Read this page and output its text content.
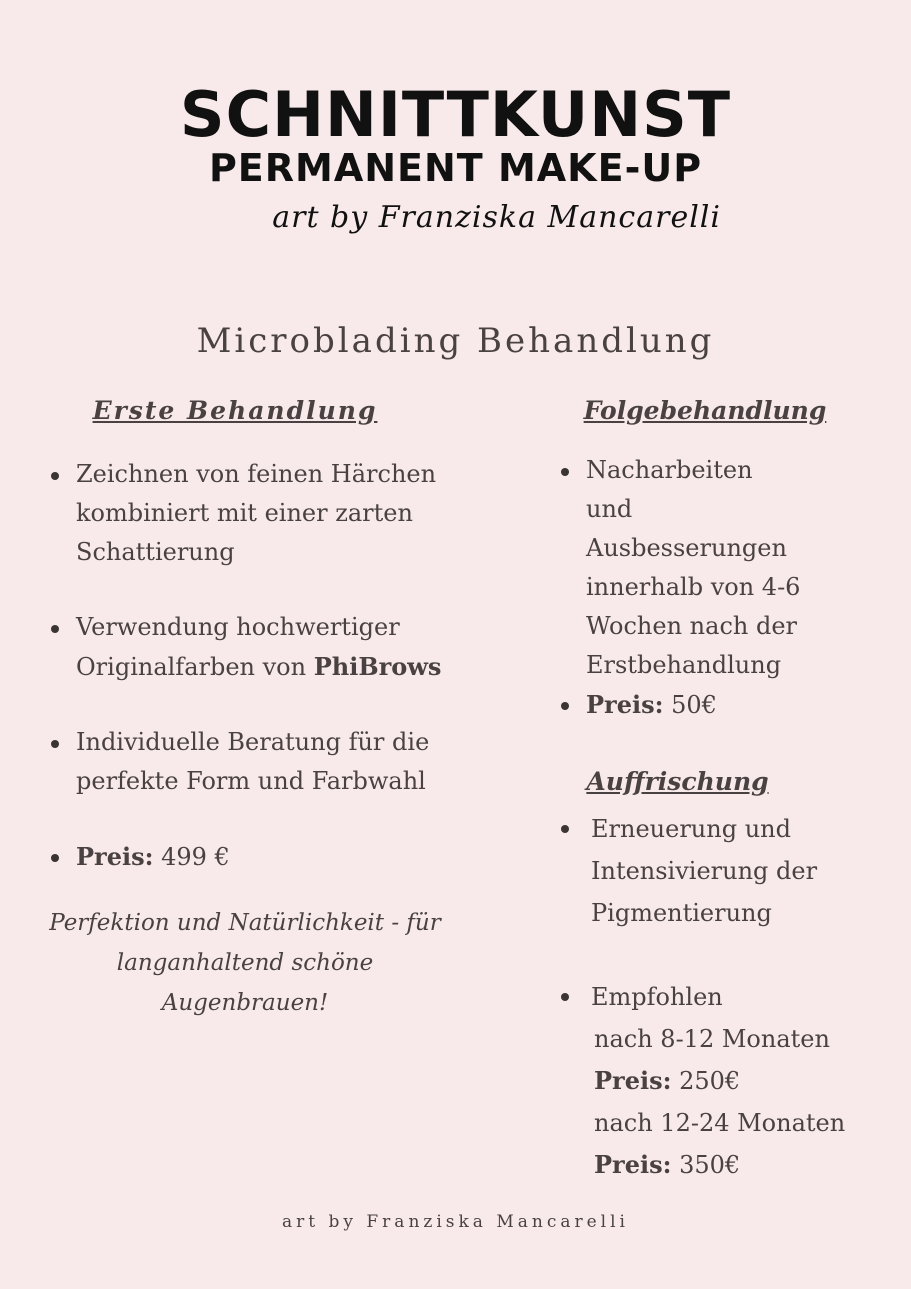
SCHNITTKUNST
PERMANENT MAKE-UP
art by Franziska Mancarelli
Microblading Behandlung
Erste Behandlung
Zeichnen von feinen Härchen kombiniert mit einer zarten Schattierung
Verwendung hochwertiger Originalfarben von PhiBrows
Individuelle Beratung für die perfekte Form und Farbwahl
Preis: 499 €
Perfektion und Natürlichkeit - für langanhaltend schöne Augenbrauen!
Folgebehandlung
Nacharbeiten und Ausbesserungen innerhalb von 4-6 Wochen nach der Erstbehandlung
Preis: 50€
Auffrischung
Erneuerung und Intensivierung der Pigmentierung
Empfohlen
nach 8-12 Monaten
Preis: 250€
nach 12-24 Monaten
Preis: 350€
art by Franziska Mancarelli
